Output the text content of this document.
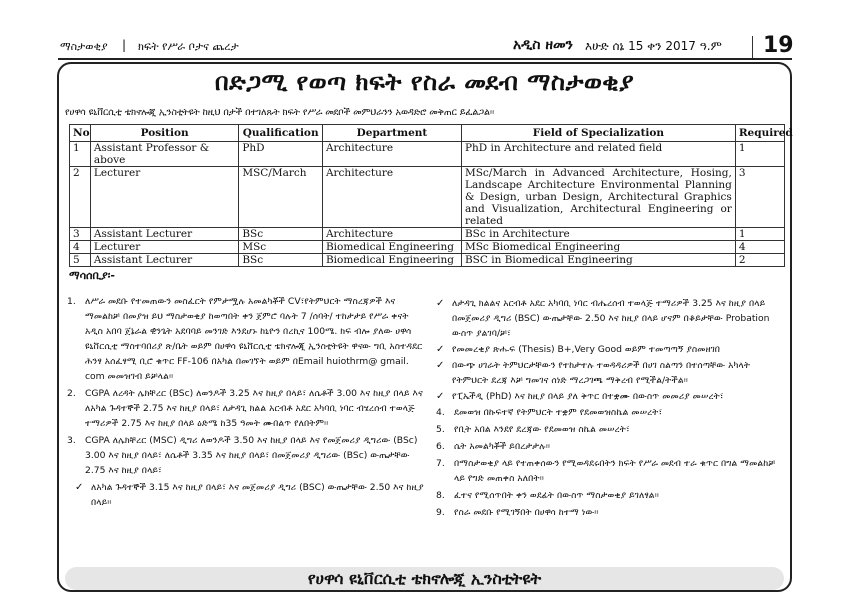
ማስታወቂያ | ክፍት የሥራ ቦታና ጨረታ	አዲስ ዘመን እሁድ ሰኔ 15 ቀን 2017 ዓ.ም 19
በድጋሚ የወጣ ክፍት የስራ መደብ ማስታወቂያ
የሀዋሳ ዩኒቨርሲቲ ቴክኖሎጂ ኢንስቲትዩት ከዚህ በታች በተገለጹት ክፍት የሥራ መደቦች መምህራንን አወዳድሮ መቅጠር ይፈልጋል፡፡
No	Position	Qualification	Department	Field of Specialization	Required
1	Assistant Professor & above	PhD	Architecture	PhD in Architecture and related field	1
2	Lecturer	MSC/March	Architecture	MSc/March in Advanced Architecture, Hosing, Landscape Architecture Environmental Planning & Design, urban Design, Architectural Graphics and Visualization, Architectural Engineering or related	3
3	Assistant Lecturer	BSc	Architecture	BSc in Architecture	1
4	Lecturer	MSc	Biomedical Engineering	MSc Biomedical Engineering	4
5	Assistant Lecturer	BSc	Biomedical Engineering	BSC in Biomedical Engineering	2
ማሳሰቢያ፡-
1. ለሥራ መደቡ የተመጠውን መስፈርት የምታሟሉ አመልካቾች CV፣የትምህርት ማስረጃዎች እና ማመልከቻ በመያዝ ይህ ማስታወቂያ ከወጣበት ቀን ጀምሮ ባሉት 7 /ሰባት/ ተከታታይ የሥራ ቀናት አዲስ አበባ ጀኔራል ዊንጌት አደባባይ መንገድ እንደሆኑ ከኒዮን በረኪና 100ሜ. ክፍ ብሎ ያለው ሀዋሳ ዩኒቨርሲቲ ማስተባበሪያ ጽ/ቤት ወይም በሀዋሳ ዩኒቨርሲቲ ቴክኖሎጂ ኢንስቲትዩት ዋናው ግቢ አስተዳደር ሕንፃ አሰፈፃሚ ቢሮ ቁጥር FF-106 በአካል በመገኘት ወይም በEmail huiothrm@ gmail. com መመዝገብ ይቻላል፡፡
2. CGPA ለረዳት ሌክቸረር (BSc) ለወንዶች 3.25 እና ከዚያ በላይ፣ ለሴቶች 3.00 እና ከዚያ በላይ እና ለአካል ጉዳተኞች 2.75 እና ከዚያ በላይ፣ ለታዳጊ ክልል አርብቶ አደር አካባቢ ነባር ብሄረሰብ ተወላጅ ተማሪዎች 2.75 እና ከዚያ በላይ ዕድሜ ከ35 ዓመት ሙበልጥ የለበትም፡፡
3. CGPA ለሌክቸረር (MSC) ዲግሪ ለወንዶች 3.50 እና ከዚያ በላይ እና የመጀመሪያ ዲግሪው (BSc) 3.00 እና ከዚያ በላይ፣ ለሴቶች 3.35 እና ከዚያ በላይ፣ በመጀመሪያ ዲግሪው (BSc) ውጤታቸው 2.75 እና ከዚያ በላይ፣
✓ ለአካል ጉዳተኞች 3.15 እና ከዚያ በላይ፣ እና መጀመሪያ ዲግሪ (BSC) ውጤታቸው 2.50 እና ከዚያ በላይ፡፡
✓ ለታዳጊ ክልልና አርብቶ አደር አካባቢ ነባር ብሔረሰብ ተወላጅ ተማሪዎች 3.25 እና ከዚያ በላይ በመጀመሪያ ዲግሪ (BSC) ውጤታቸው 2.50 እና ከዚያ በላይ ሆናም በቆይታቸው Probation ውስጥ ያልገባ/ቻ፣
✓ የመመረቂያ ጽሑፍ (Thesis) B+,Very Good ወይም ተመጣጣኝ ያስመዘገበ
✓ በውጭ ሀገራት ትምህርታቸውን የተከታተሉ ተወዳዳሪዎች በሀገ ስልጣን በተሰጣቸው አካላት የትምህርት ደረጃ እቻ ግመገና ሰነድ ማረጋገጫ ማቅረብ የሚችል/ትችል፡፡
✓ የፒኤችዲ (PhD) እና ከዚያ በላይ ያለ ቅጥር በተቋሙ በውስጥ መመሪያ መሠረት፣
4. ደመወዝ በኩፍተኛ የትምህርት ተቋም የደመወዝስኬል መሠረት፣
5. የቢት አበል እንደየ ደረጃው የደመወዝ ስኬል መሠረት፣
6. ሴት አመልካቾች ይበረታታሉ፡፡
7. በማስታወቂያ ላይ የተጠቀሰውን የሚወዳደሩበትን ክፍት የሥራ መደብ ተራ ቁጥር በግል ማመልከቻ ላይ የግድ መጠቀስ አለበት፡፡
8. ፈተና የሚሰጥበት ቀን ወደፊት በውስጥ ማስታወቂያ ይገለፃል፡፡
9. የስራ መደቡ የሚገኝበት በሀዋሳ ከተማ ነው፡፡
የሀዋሳ ዩኒቨርሲቲ ቴክኖሎጂ ኢንስቲትዩት
